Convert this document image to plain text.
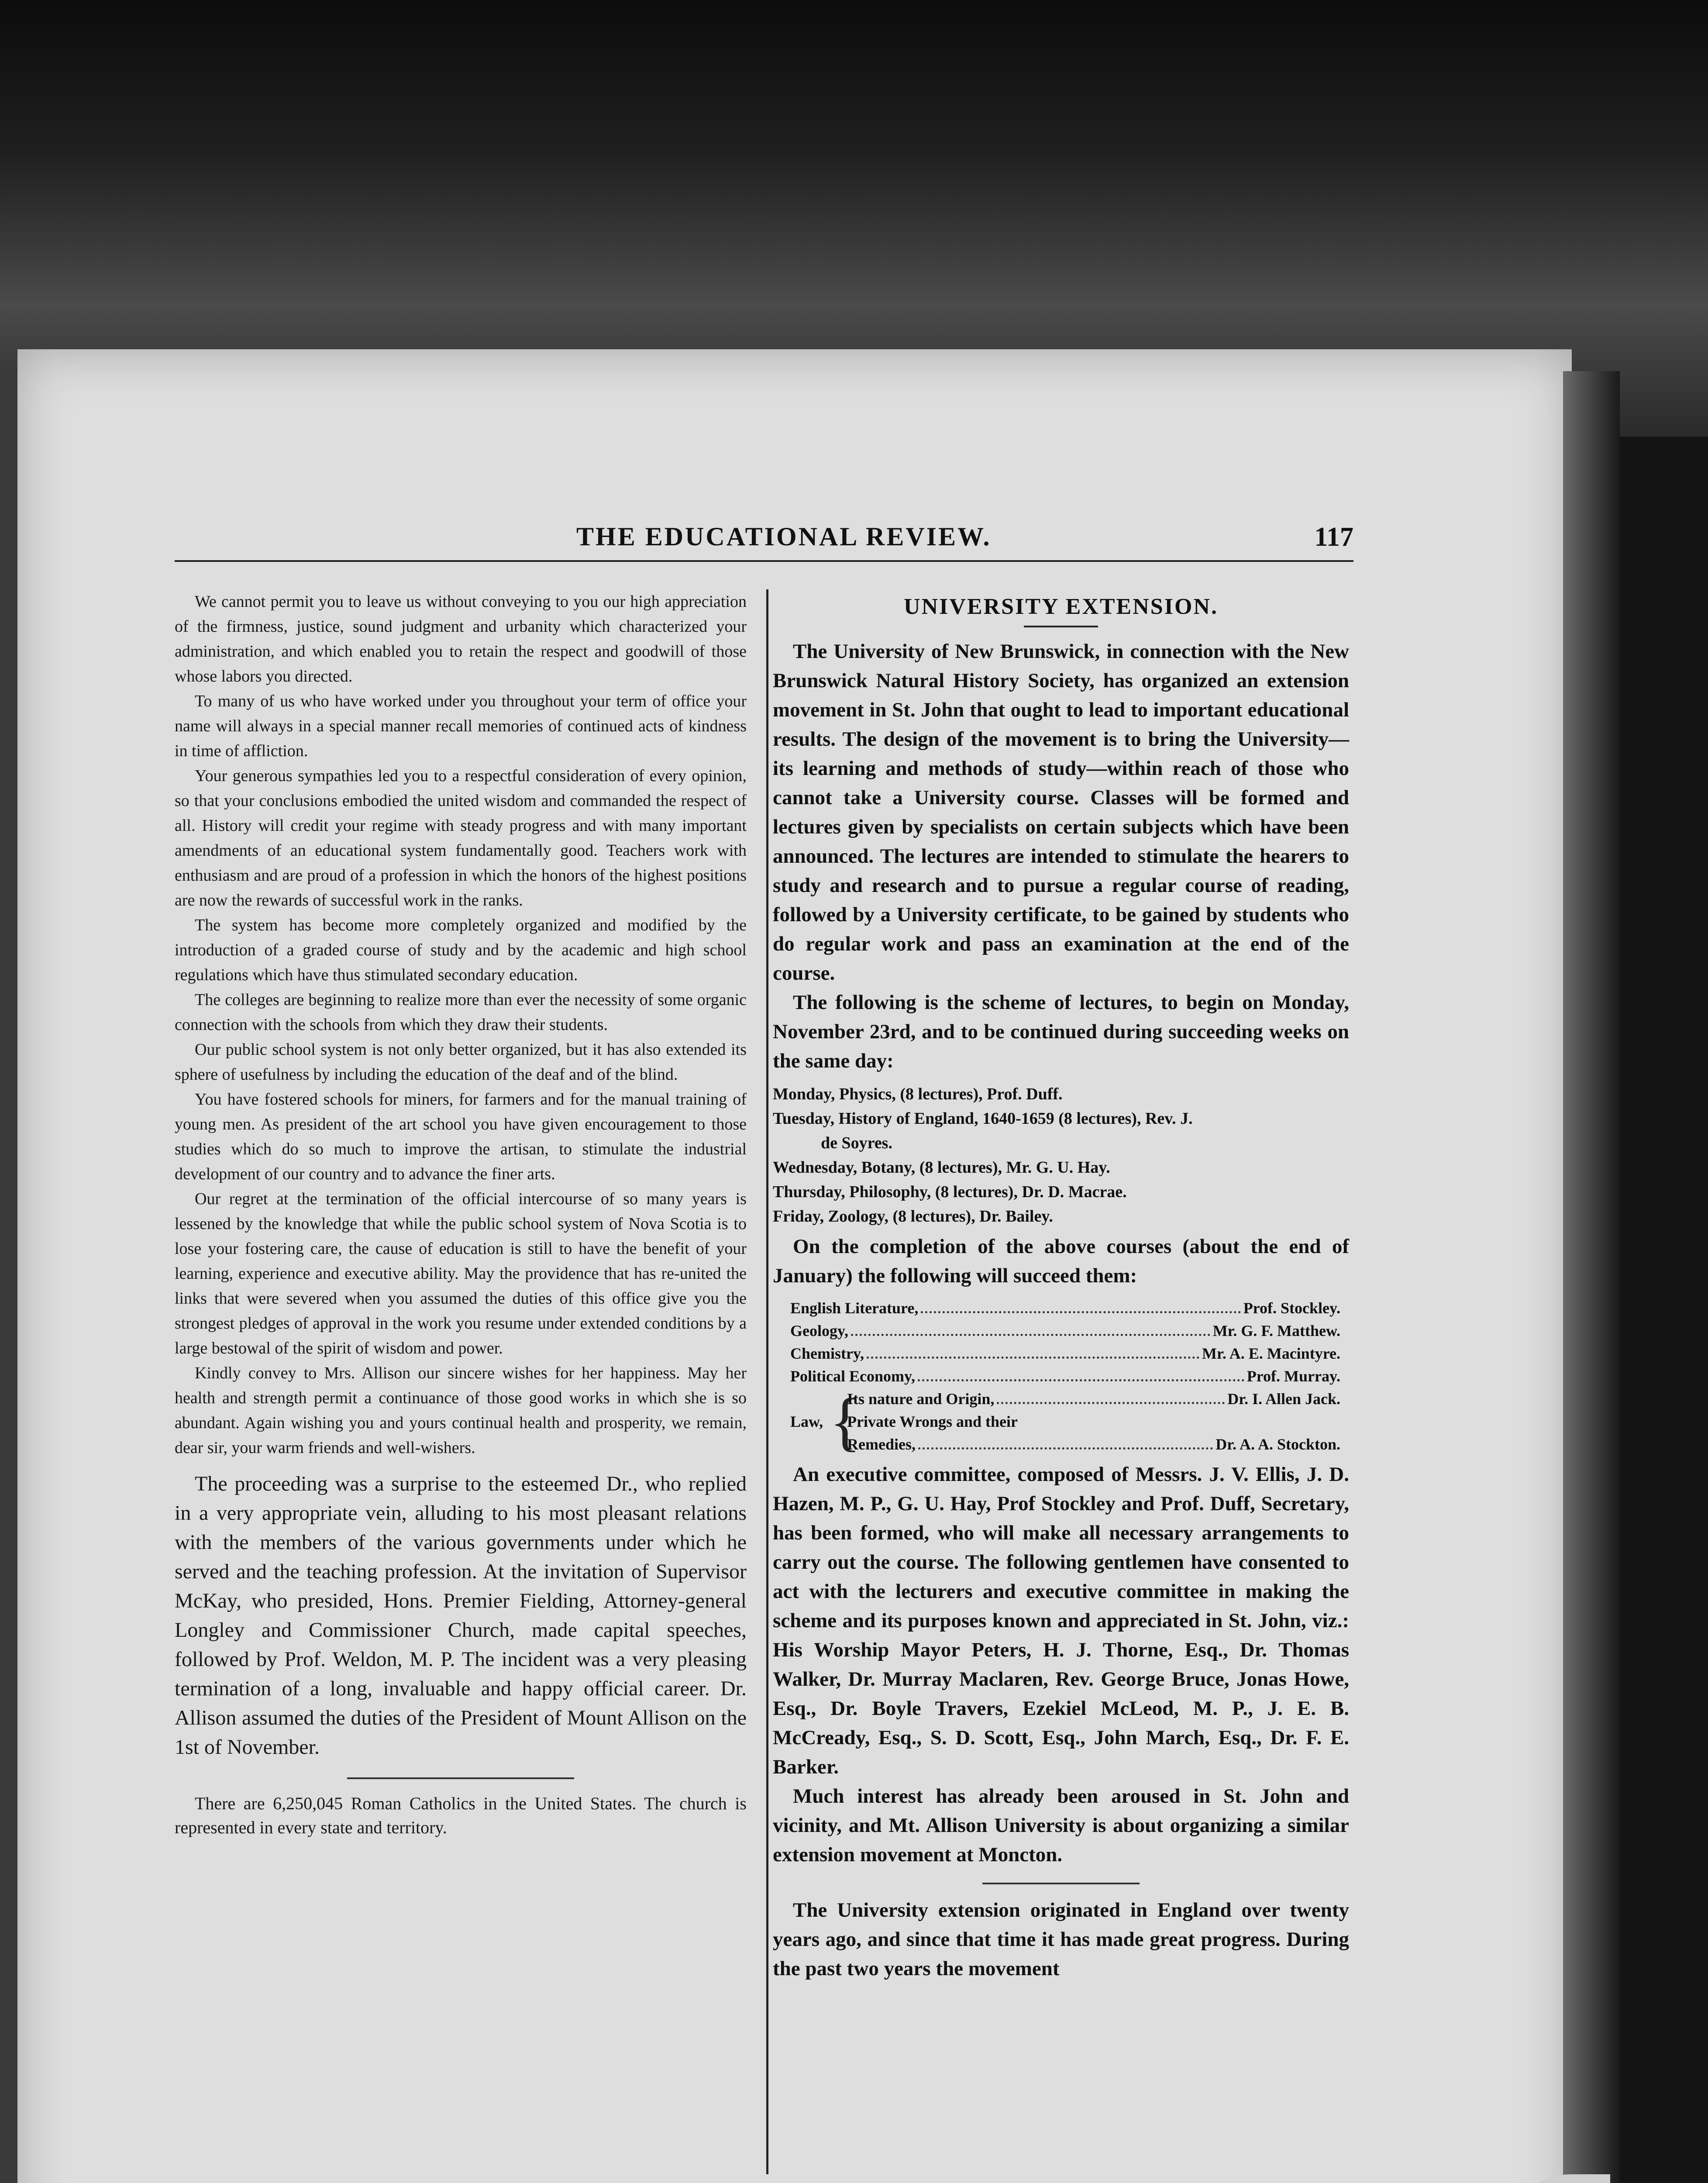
THE EDUCATIONAL REVIEW.	117

We cannot permit you to leave us without conveying to you our high appreciation of the firmness, justice, sound judgment and urbanity which characterized your administration, and which enabled you to retain the respect and goodwill of those whose labors you directed.

To many of us who have worked under you throughout your term of office your name will always in a special manner recall memories of continued acts of kindness in time of affliction.

Your generous sympathies led you to a respectful consideration of every opinion, so that your conclusions embodied the united wisdom and commanded the respect of all. History will credit your regime with steady progress and with many important amendments of an educational system fundamentally good. Teachers work with enthusiasm and are proud of a profession in which the honors of the highest positions are now the rewards of successful work in the ranks.

The system has become more completely organized and modified by the introduction of a graded course of study and by the academic and high school regulations which have thus stimulated secondary education.

The colleges are beginning to realize more than ever the necessity of some organic connection with the schools from which they draw their students.

Our public school system is not only better organized, but it has also extended its sphere of usefulness by including the education of the deaf and of the blind.

You have fostered schools for miners, for farmers and for the manual training of young men. As president of the art school you have given encouragement to those studies which do so much to improve the artisan, to stimulate the industrial development of our country and to advance the finer arts.

Our regret at the termination of the official intercourse of so many years is lessened by the knowledge that while the public school system of Nova Scotia is to lose your fostering care, the cause of education is still to have the benefit of your learning, experience and executive ability. May the providence that has re-united the links that were severed when you assumed the duties of this office give you the strongest pledges of approval in the work you resume under extended conditions by a large bestowal of the spirit of wisdom and power.

Kindly convey to Mrs. Allison our sincere wishes for her happiness. May her health and strength permit a continuance of those good works in which she is so abundant. Again wishing you and yours continual health and prosperity, we remain, dear sir, your warm friends and well-wishers.

The proceeding was a surprise to the esteemed Dr., who replied in a very appropriate vein, alluding to his most pleasant relations with the members of the various governments under which he served and the teaching profession. At the invitation of Supervisor McKay, who presided, Hons. Premier Fielding, Attorney-general Longley and Commissioner Church, made capital speeches, followed by Prof. Weldon, M. P. The incident was a very pleasing termination of a long, invaluable and happy official career. Dr. Allison assumed the duties of the President of Mount Allison on the 1st of November.

There are 6,250,045 Roman Catholics in the United States. The church is represented in every state and territory.

UNIVERSITY EXTENSION.

The University of New Brunswick, in connection with the New Brunswick Natural History Society, has organized an extension movement in St. John that ought to lead to important educational results. The design of the movement is to bring the University—its learning and methods of study—within reach of those who cannot take a University course. Classes will be formed and lectures given by specialists on certain subjects which have been announced. The lectures are intended to stimulate the hearers to study and research and to pursue a regular course of reading, followed by a University certificate, to be gained by students who do regular work and pass an examination at the end of the course.

The following is the scheme of lectures, to begin on Monday, November 23rd, and to be continued during succeeding weeks on the same day:

Monday, Physics, (8 lectures), Prof. Duff.
Tuesday, History of England, 1640-1659 (8 lectures), Rev. J.
de Soyres.
Wednesday, Botany, (8 lectures), Mr. G. U. Hay.
Thursday, Philosophy, (8 lectures), Dr. D. Macrae.
Friday, Zoology, (8 lectures), Dr. Bailey.

On the completion of the above courses (about the end of January) the following will succeed them:

English Literature,	Prof. Stockley.
Geology,	Mr. G. F. Matthew.
Chemistry,	Mr. A. E. Macintyre.
Political Economy,	Prof. Murray.
Law, {
Its nature and Origin,	Dr. I. Allen Jack.
Private Wrongs and their
Remedies,	Dr. A. A. Stockton.

An executive committee, composed of Messrs. J. V. Ellis, J. D. Hazen, M. P., G. U. Hay, Prof Stockley and Prof. Duff, Secretary, has been formed, who will make all necessary arrangements to carry out the course. The following gentlemen have consented to act with the lecturers and executive committee in making the scheme and its purposes known and appreciated in St. John, viz.: His Worship Mayor Peters, H. J. Thorne, Esq., Dr. Thomas Walker, Dr. Murray Maclaren, Rev. George Bruce, Jonas Howe, Esq., Dr. Boyle Travers, Ezekiel McLeod, M. P., J. E. B. McCready, Esq., S. D. Scott, Esq., John March, Esq., Dr. F. E. Barker.

Much interest has already been aroused in St. John and vicinity, and Mt. Allison University is about organizing a similar extension movement at Moncton.

The University extension originated in England over twenty years ago, and since that time it has made great progress. During the past two years the movement
